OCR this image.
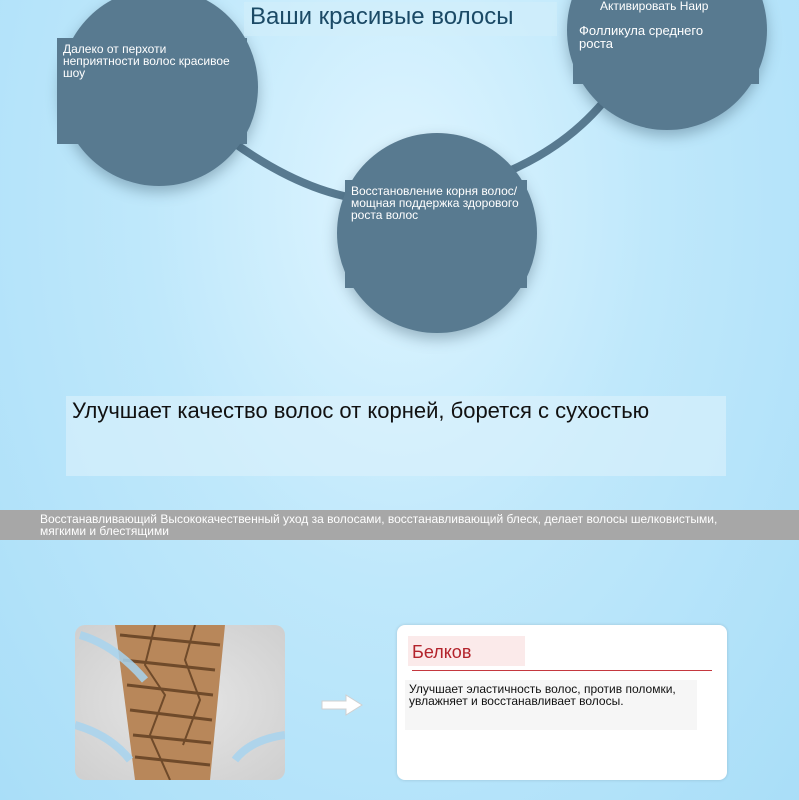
Далеко от перхоти неприятности волос красивое шоу
Восстановление корня волос/мощная поддержка здорового роста волос
Активировать Наир
Фолликула среднего роста
Ваши красивые волосы
Улучшает качество волос от корней, борется с сухостью
Восстанавливающий Высококачественный уход за волосами, восстанавливающий блеск, делает волосы шелковистыми, мягкими и блестящими
Белков
Улучшает эластичность волос, против поломки, увлажняет и восстанавливает волосы.
